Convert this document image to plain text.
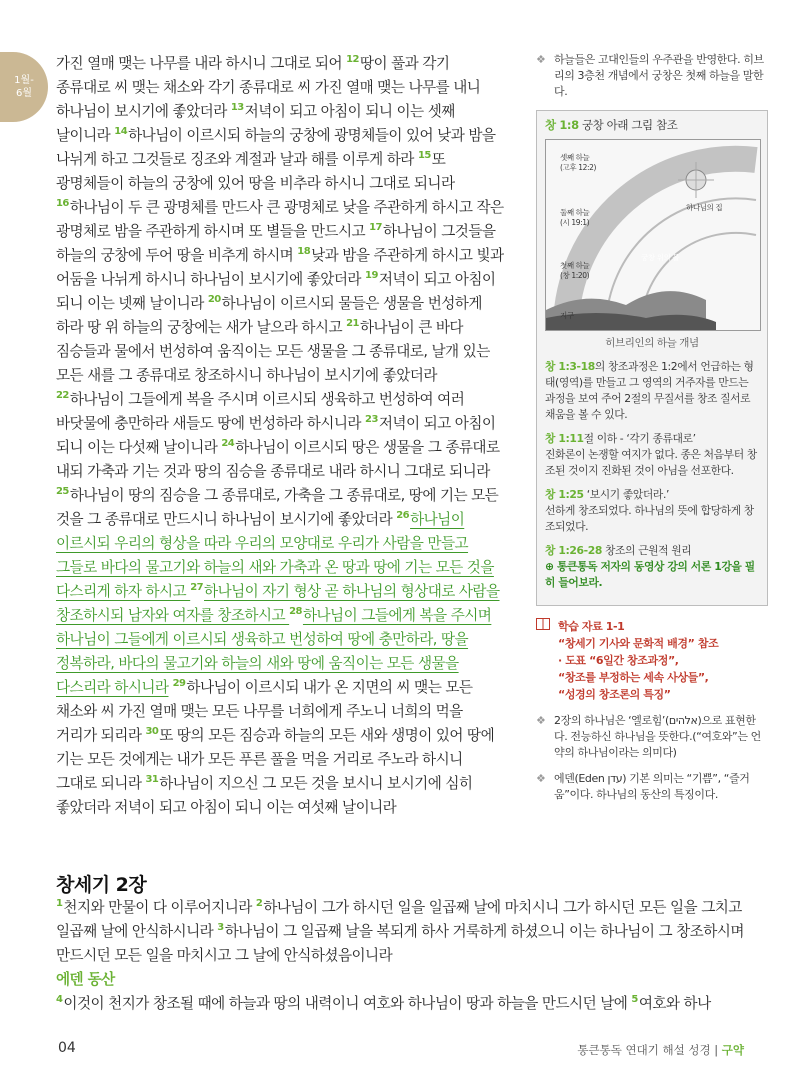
1월-
6월
가진 열매 맺는 나무를 내라 하시니 그대로 되어 $^{12}$땅이 풀과 각기 종류대로 씨 맺는 채소와 각기 종류대로 씨 가진 열매 맺는 나무를 내니 하나님이 보시기에 좋았더라 $^{13}$저녁이 되고 아침이 되니 이는 셋째 날이니라 $^{14}$하나님이 이르시되 하늘의 궁창에 광명체들이 있어 낮과 밤을 나뉘게 하고 그것들로 징조와 계절과 날과 해를 이루게 하라 $^{15}$또 광명체들이 하늘의 궁창에 있어 땅을 비추라 하시니 그대로 되니라 $^{16}$하나님이 두 큰 광명체를 만드사 큰 광명체로 낮을 주관하게 하시고 작은 광명체로 밤을 주관하게 하시며 또 별들을 만드시고 $^{17}$하나님이 그것들을 하늘의 궁창에 두어 땅을 비추게 하시며 $^{18}$낮과 밤을 주관하게 하시고 빛과 어둠을 나뉘게 하시니 하나님이 보시기에 좋았더라 $^{19}$저녁이 되고 아침이 되니 이는 넷째 날이니라 $^{20}$하나님이 이르시되 물들은 생물을 번성하게 하라 땅 위 하늘의 궁창에는 새가 날으라 하시고 $^{21}$하나님이 큰 바다 짐승들과 물에서 번성하여 움직이는 모든 생물을 그 종류대로, 날개 있는 모든 새를 그 종류대로 창조하시니 하나님이 보시기에 좋았더라 $^{22}$하나님이 그들에게 복을 주시며 이르시되 생육하고 번성하여 여러 바닷물에 충만하라 새들도 땅에 번성하라 하시니라 $^{23}$저녁이 되고 아침이 되니 이는 다섯째 날이니라 $^{24}$하나님이 이르시되 땅은 생물을 그 종류대로 내되 가축과 기는 것과 땅의 짐승을 종류대로 내라 하시니 그대로 되니라 $^{25}$하나님이 땅의 짐승을 그 종류대로, 가축을 그 종류대로, 땅에 기는 모든 것을 그 종류대로 만드시니 하나님이 보시기에 좋았더라 $^{26}$하나님이 이르시되 우리의 형상을 따라 우리의 모양대로 우리가 사람을 만들고 그들로 바다의 물고기와 하늘의 새와 가축과 온 땅과 땅에 기는 모든 것을 다스리게 하자 하시고 $^{27}$하나님이 자기 형상 곧 하나님의 형상대로 사람을 창조하시되 남자와 여자를 창조하시고 $^{28}$하나님이 그들에게 복을 주시며 하나님이 그들에게 이르시되 생육하고 번성하여 땅에 충만하라, 땅을 정복하라, 바다의 물고기와 하늘의 새와 땅에 움직이는 모든 생물을 다스리라 하시니라 $^{29}$하나님이 이르시되 내가 온 지면의 씨 맺는 모든 채소와 씨 가진 열매 맺는 모든 나무를 너희에게 주노니 너희의 먹을 거리가 되리라 $^{30}$또 땅의 모든 짐승과 하늘의 모든 새와 생명이 있어 땅에 기는 모든 것에게는 내가 모든 푸른 풀을 먹을 거리로 주노라 하시니 그대로 되니라 $^{31}$하나님이 지으신 그 모든 것을 보시니 보시기에 심히 좋았더라 저녁이 되고 아침이 되니 이는 여섯째 날이니라
❖ 하늘들은 고대인들의 우주관을 반영한다. 히브리의 3층천 개념에서 궁창은 첫째 하늘을 말한다.
창 1:8 궁창 아래 그림 참조
셋째 하늘
(고후 12:2)
둘째 하늘
(시 19:1)
첫째 하늘
(창 1:20)
지구
하나님의 집
궁창 위의 물
히브리인의 하늘 개념
창 1:3-18의 창조과정은 1:2에서 언급하는 형태(영역)를 만들고 그 영역의 거주자를 만드는 과정을 보여 주어 2절의 무질서를 창조 질서로 채움을 볼 수 있다.
창 1:11절 이하 - ‘각기 종류대로’
진화론이 논쟁할 여지가 없다. 종은 처음부터 창조된 것이지 진화된 것이 아님을 선포한다.
창 1:25 ‘보시기 좋았더라.’
선하게 창조되었다. 하나님의 뜻에 합당하게 창조되었다.
창 1:26-28 창조의 근원적 원리
⊕ 통큰통독 저자의 동영상 강의 서론 1강을 필히 들어보라.
학습 자료 1-1
“창세기 기사와 문화적 배경” 참조
· 도표 “6일간 창조과정”,
“창조를 부정하는 세속 사상들”,
“성경의 창조론의 특징”
❖ 2장의 하나님은 ‘엘로힘’(אלהים)으로 표현한다. 전능하신 하나님을 뜻한다.(“여호와”는 언약의 하나님이라는 의미다)
❖ 에덴(Eden עדן) 기본 의미는 “기쁨”, “즐거움”이다. 하나님의 동산의 특징이다.
창세기 2장
$^1$천지와 만물이 다 이루어지니라 $^2$하나님이 그가 하시던 일을 일곱째 날에 마치시니 그가 하시던 모든 일을 그치고 일곱째 날에 안식하시니라 $^3$하나님이 그 일곱째 날을 복되게 하사 거룩하게 하셨으니 이는 하나님이 그 창조하시며 만드시던 모든 일을 마치시고 그 날에 안식하셨음이니라
에덴 동산
$^4$이것이 천지가 창조될 때에 하늘과 땅의 내력이니 여호와 하나님이 땅과 하늘을 만드시던 날에 $^5$여호와 하나
04	통큰통독 연대기 해설 성경 | 구약
